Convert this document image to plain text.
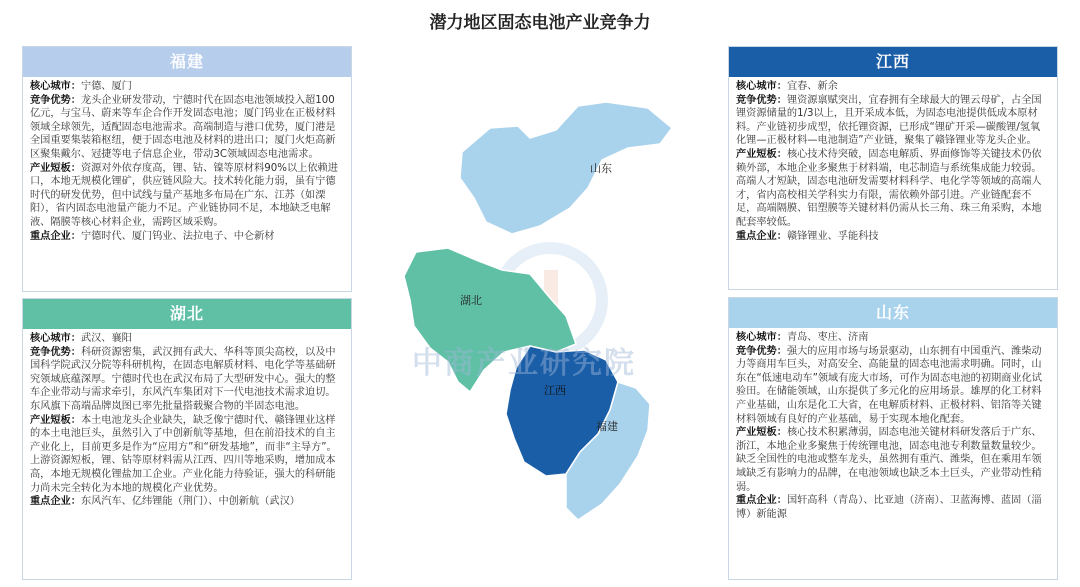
潜力地区固态电池产业竞争力
福建

核心城市：宁德、厦门

竞争优势：龙头企业研发带动，宁德时代在固态电池领域投入超100亿元，与宝马、蔚来等车企合作开发固态电池；厦门钨业在正极材料领域全球领先，适配固态电池需求。高端制造与港口优势，厦门港是全国重要集装箱枢纽，便于固态电池及材料的进出口；厦门火炬高新区聚集戴尔、冠捷等电子信息企业，带动3C领域固态电池需求。

产业短板：资源对外依存度高，锂、钴、镍等原材料90%以上依赖进口，本地无规模化锂矿，供应链风险大。技术转化能力弱，虽有宁德时代的研发优势，但中试线与量产基地多布局在广东、江苏（如溧阳），省内固态电池量产能力不足。产业链协同不足，本地缺乏电解液、隔膜等核心材料企业，需跨区域采购。

重点企业：宁德时代、厦门钨业、法拉电子、中仑新材

湖北

核心城市：武汉、襄阳

竞争优势：科研资源密集，武汉拥有武大、华科等顶尖高校，以及中国科学院武汉分院等科研机构，在固态电解质材料、电化学等基础研究领域底蕴深厚。宁德时代也在武汉布局了大型研发中心。强大的整车企业带动与需求牵引，东风汽车集团对下一代电池技术需求迫切。东风旗下高端品牌岚图已率先批量搭载聚合物的半固态电池。

产业短板：本土电池龙头企业缺失，缺乏像宁德时代、赣锋锂业这样的本土电池巨头，虽然引入了中创新航等基地，但在前沿技术的自主产业化上，目前更多是作为“应用方”和“研发基地”，而非“主导方”。上游资源短板，锂、钴等原材料需从江西、四川等地采购，增加成本高，本地无规模化锂盐加工企业。产业化能力待验证，强大的科研能力尚未完全转化为本地的规模化产业优势。

重点企业：东风汽车、亿纬锂能（荆门）、中创新航（武汉）

江西

核心城市：宜春、新余

竞争优势：锂资源禀赋突出，宜春拥有全球最大的锂云母矿，占全国锂资源储量的1/3以上，且开采成本低，为固态电池提供低成本原材料。产业链初步成型，依托锂资源，已形成“锂矿开采—碳酸锂/氢氧化锂—正极材料—电池制造”产业链，聚集了赣锋锂业等龙头企业。

产业短板：核心技术待突破，固态电解质、界面修饰等关键技术仍依赖外部，本地企业多聚焦于材料端，电芯制造与系统集成能力较弱。高端人才短缺，固态电池研发需要材料科学、电化学等领域的高端人才，省内高校相关学科实力有限，需依赖外部引进。产业链配套不足，高端隔膜、铝塑膜等关键材料仍需从长三角、珠三角采购，本地配套率较低。

重点企业：赣锋锂业、孚能科技

山东

核心城市：青岛、枣庄、济南

竞争优势：强大的应用市场与场景驱动，山东拥有中国重汽、潍柴动力等商用车巨头，对高安全、高能量的固态电池需求明确。同时，山东在“低速电动车”领域有庞大市场，可作为固态电池的初期商业化试验田。在储能领域，山东提供了多元化的应用场景。雄厚的化工材料产业基础，山东是化工大省，在电解质材料、正极材料、铝箔等关键材料领域有良好的产业基础，易于实现本地化配套。

产业短板：核心技术积累薄弱，固态电池关键材料研发落后于广东、浙江，本地企业多聚焦于传统锂电池，固态电池专利数量数量较少。缺乏全国性的电池或整车龙头，虽然拥有重汽、潍柴，但在乘用车领域缺乏有影响力的品牌，在电池领域也缺乏本土巨头，产业带动性稍弱。

重点企业：国轩高科（青岛）、比亚迪（济南）、卫蓝海博、蓝固（淄博）新能源

山东
湖北
江西
福建
中商产业研究院
